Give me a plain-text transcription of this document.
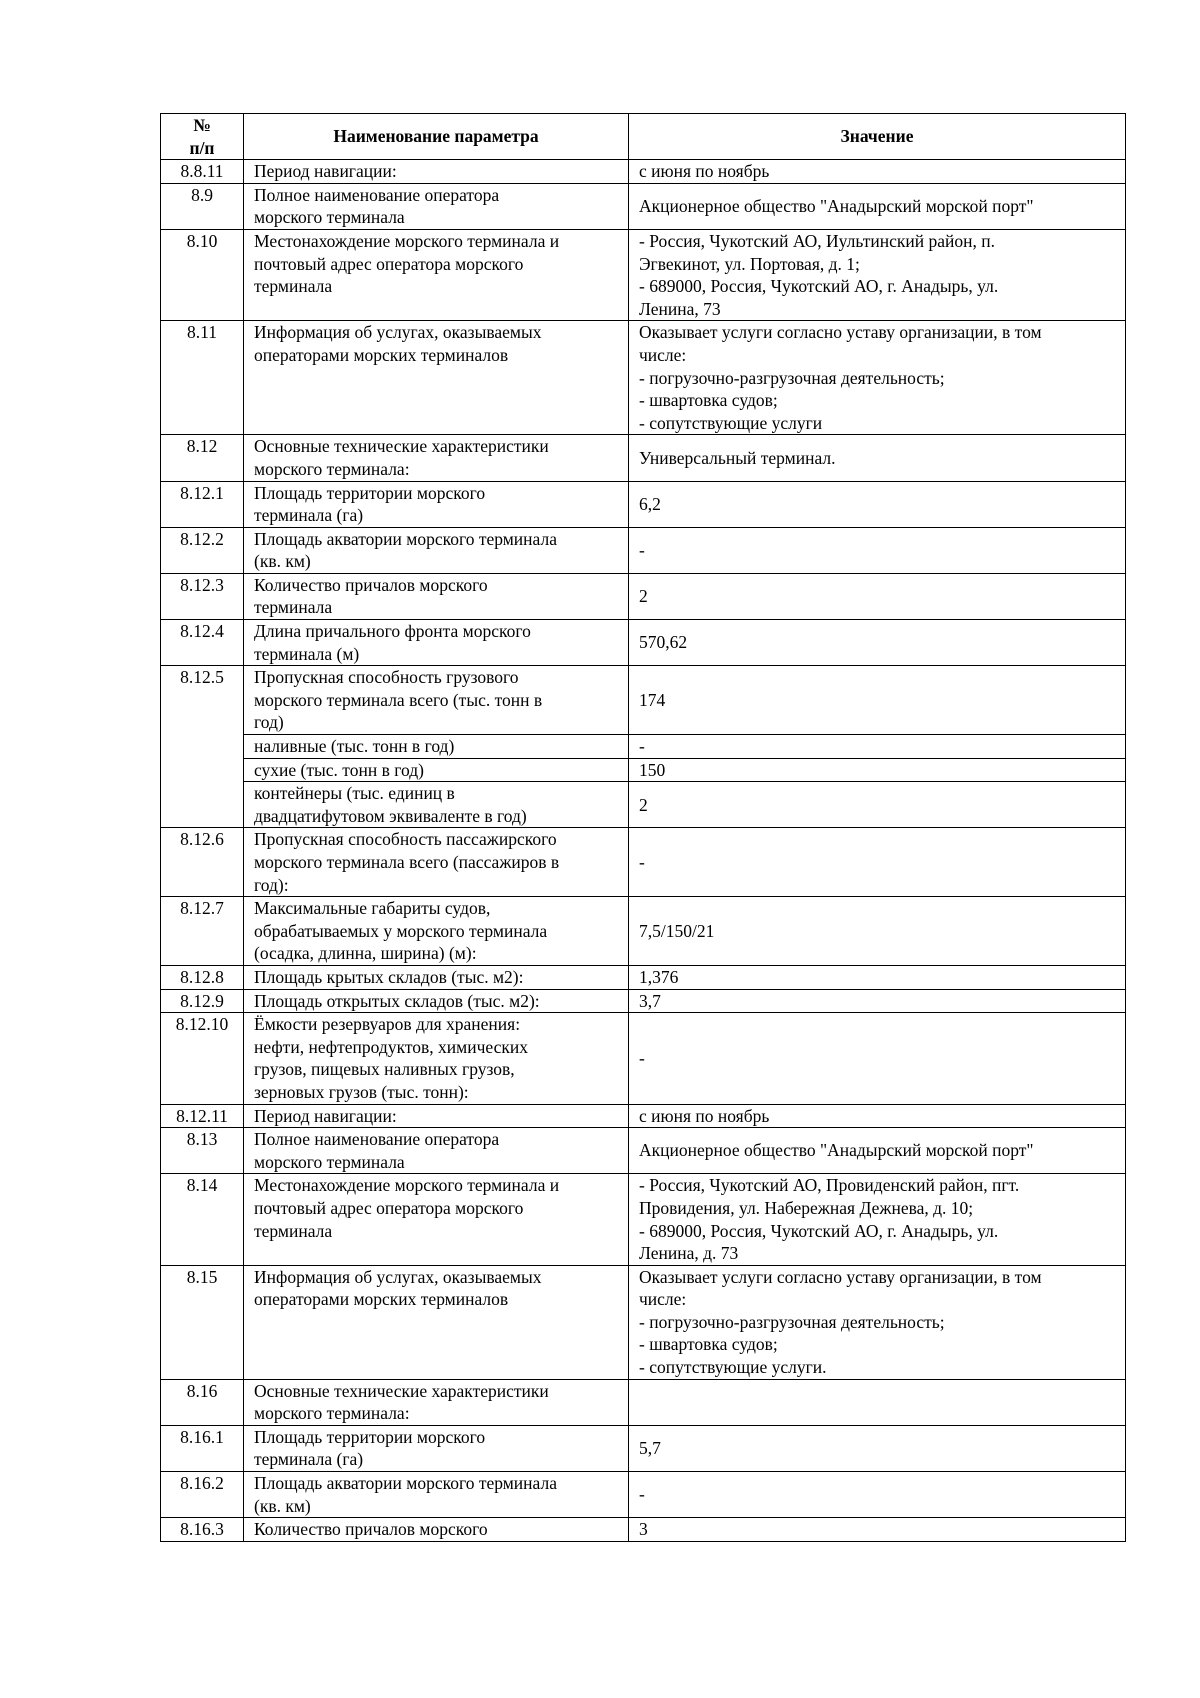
№
п/п	Наименование параметра	Значение
8.8.11	Период навигации:	с июня по ноябрь

8.9	Полное наименование оператора
морского терминала	Акционерное общество "Анадырский морской порт"

8.10	Местонахождение морского терминала и
почтовый адрес оператора морского
терминала	- Россия, Чукотский АО, Иультинский район, п.
Эгвекинот, ул. Портовая, д. 1;
- 689000, Россия, Чукотский АО, г. Анадырь, ул.
Ленина, 73

8.11	Информация об услугах, оказываемых
операторами морских терминалов	Оказывает услуги согласно уставу организации, в том
числе:
- погрузочно-разгрузочная деятельность;
- швартовка судов;
- сопутствующие услуги

8.12	Основные технические характеристики
морского терминала:	Универсальный терминал.

8.12.1	Площадь территории морского
терминала (га)	6,2

8.12.2	Площадь акватории морского терминала
(кв. км)	-

8.12.3	Количество причалов морского
терминала	2

8.12.4	Длина причального фронта морского
терминала (м)	570,62

8.12.5	Пропускная способность грузового
морского терминала всего (тыс. тонн в
год)	174

	наливные (тыс. тонн в год)	-

	сухие (тыс. тонн в год)	150

	контейнеры (тыс. единиц в
двадцатифутовом эквиваленте в год)	2

8.12.6	Пропускная способность пассажирского
морского терминала всего (пассажиров в
год):	-

8.12.7	Максимальные габариты судов,
обрабатываемых у морского терминала
(осадка, длинна, ширина) (м):	7,5/150/21

8.12.8	Площадь крытых складов (тыс. м2):	1,376

8.12.9	Площадь открытых складов (тыс. м2):	3,7

8.12.10	Ёмкости резервуаров для хранения:
нефти, нефтепродуктов, химических
грузов, пищевых наливных грузов,
зерновых грузов (тыс. тонн):	-

8.12.11	Период навигации:	с июня по ноябрь

8.13	Полное наименование оператора
морского терминала	Акционерное общество "Анадырский морской порт"

8.14	Местонахождение морского терминала и
почтовый адрес оператора морского
терминала	- Россия, Чукотский АО, Провиденский район, пгт.
Провидения, ул. Набережная Дежнева, д. 10;
- 689000, Россия, Чукотский АО, г. Анадырь, ул.
Ленина, д. 73

8.15	Информация об услугах, оказываемых
операторами морских терминалов	Оказывает услуги согласно уставу организации, в том
числе:
- погрузочно-разгрузочная деятельность;
- швартовка судов;
- сопутствующие услуги.

8.16	Основные технические характеристики
морского терминала:	

8.16.1	Площадь территории морского
терминала (га)	5,7

8.16.2	Площадь акватории морского терминала
(кв. км)	-

8.16.3	Количество причалов морского	3
